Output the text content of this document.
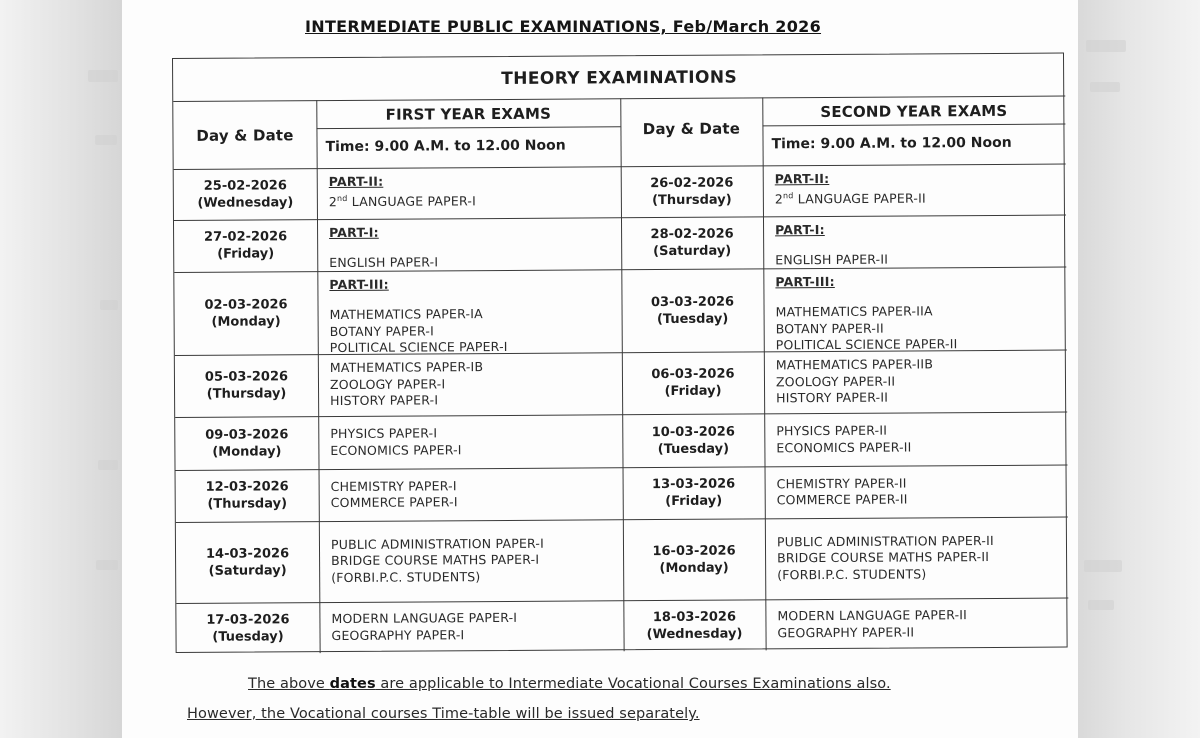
INTERMEDIATE PUBLIC EXAMINATIONS, Feb/March 2026
THEORY EXAMINATIONS
Day & Date
FIRST YEAR EXAMS
Time: 9.00 A.M. to 12.00 Noon
Day & Date
SECOND YEAR EXAMS
Time: 9.00 A.M. to 12.00 Noon
25-02-2026
(Wednesday)
PART-II:
2nd LANGUAGE PAPER-I
26-02-2026
(Thursday)
PART-II:
2nd LANGUAGE PAPER-II
27-02-2026
(Friday)
PART-I:
ENGLISH PAPER-I
28-02-2026
(Saturday)
PART-I:
ENGLISH PAPER-II
02-03-2026
(Monday)
PART-III:
MATHEMATICS PAPER-IA
BOTANY PAPER-I
POLITICAL SCIENCE PAPER-I
03-03-2026
(Tuesday)
PART-III:
MATHEMATICS PAPER-IIA
BOTANY PAPER-II
POLITICAL SCIENCE PAPER-II
05-03-2026
(Thursday)
MATHEMATICS PAPER-IB
ZOOLOGY PAPER-I
HISTORY PAPER-I
06-03-2026
(Friday)
MATHEMATICS PAPER-IIB
ZOOLOGY PAPER-II
HISTORY PAPER-II
09-03-2026
(Monday)
PHYSICS PAPER-I
ECONOMICS PAPER-I
10-03-2026
(Tuesday)
PHYSICS PAPER-II
ECONOMICS PAPER-II
12-03-2026
(Thursday)
CHEMISTRY PAPER-I
COMMERCE PAPER-I
13-03-2026
(Friday)
CHEMISTRY PAPER-II
COMMERCE PAPER-II
14-03-2026
(Saturday)
PUBLIC ADMINISTRATION PAPER-I
BRIDGE COURSE MATHS PAPER-I
(FORBI.P.C. STUDENTS)
16-03-2026
(Monday)
PUBLIC ADMINISTRATION PAPER-II
BRIDGE COURSE MATHS PAPER-II
(FORBI.P.C. STUDENTS)
17-03-2026
(Tuesday)
MODERN LANGUAGE PAPER-I
GEOGRAPHY PAPER-I
18-03-2026
(Wednesday)
MODERN LANGUAGE PAPER-II
GEOGRAPHY PAPER-II
The above dates are applicable to Intermediate Vocational Courses Examinations also.
However, the Vocational courses Time-table will be issued separately.
